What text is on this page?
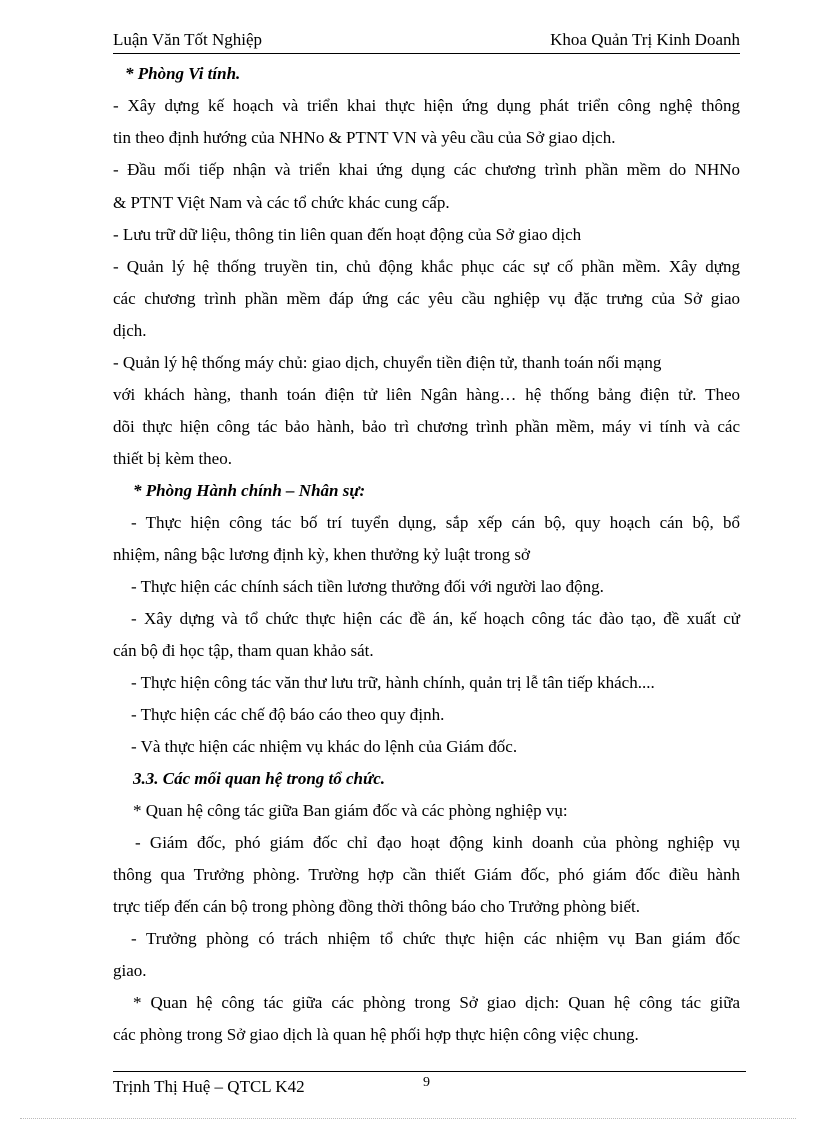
Luận Văn Tốt Nghiệp	Khoa Quản Trị Kinh Doanh
* Phòng Vi tính.
- Xây dựng kế hoạch và triển khai thực hiện ứng dụng phát triển công nghệ thông
tin theo định hướng của NHNo & PTNT VN và yêu cầu của Sở giao dịch.
- Đầu mối tiếp nhận và triển khai ứng dụng các chương trình phần mềm do NHNo
& PTNT Việt Nam và các tổ chức khác cung cấp.
- Lưu trữ dữ liệu, thông tin liên quan đến hoạt động của Sở giao dịch
- Quản lý hệ thống truyền tin, chủ động khắc phục các sự cố phần mềm. Xây dựng
các chương trình phần mềm đáp ứng các yêu cầu nghiệp vụ đặc trưng của Sở giao
dịch.
- Quản lý hệ thống máy chủ: giao dịch, chuyển tiền điện tử, thanh toán nối mạng
với khách hàng, thanh toán điện tử liên Ngân hàng… hệ thống bảng điện tử. Theo
dõi thực hiện công tác bảo hành, bảo trì chương trình phần mềm, máy vi tính và các
thiết bị kèm theo.
* Phòng Hành chính – Nhân sự:
- Thực hiện công tác bố trí tuyển dụng, sắp xếp cán bộ, quy hoạch cán bộ, bổ
nhiệm, nâng bậc lương định kỳ, khen thưởng kỷ luật trong sở
- Thực hiện các chính sách tiền lương thưởng đối với người lao động.
- Xây dựng và tổ chức thực hiện các đề án, kế hoạch công tác đào tạo, đề xuất cử
cán bộ đi học tập, tham quan khảo sát.
- Thực hiện công tác văn thư lưu trữ, hành chính, quản trị lễ tân tiếp khách....
- Thực hiện các chế độ báo cáo theo quy định.
- Và thực hiện các nhiệm vụ khác do lệnh của Giám đốc.
3.3. Các mối quan hệ trong tổ chức.
* Quan hệ công tác giữa Ban giám đốc và các phòng nghiệp vụ:
- Giám đốc, phó giám đốc chỉ đạo hoạt động kinh doanh của phòng nghiệp vụ
thông qua Trưởng phòng. Trường hợp cần thiết Giám đốc, phó giám đốc điều hành
trực tiếp đến cán bộ trong phòng đồng thời thông báo cho Trưởng phòng biết.
- Trưởng phòng có trách nhiệm tổ chức thực hiện các nhiệm vụ Ban giám đốc
giao.
* Quan hệ công tác giữa các phòng trong Sở giao dịch: Quan hệ công tác giữa
các phòng trong Sở giao dịch là quan hệ phối hợp thực hiện công việc chung.
Trịnh Thị Huệ – QTCL K42	9
